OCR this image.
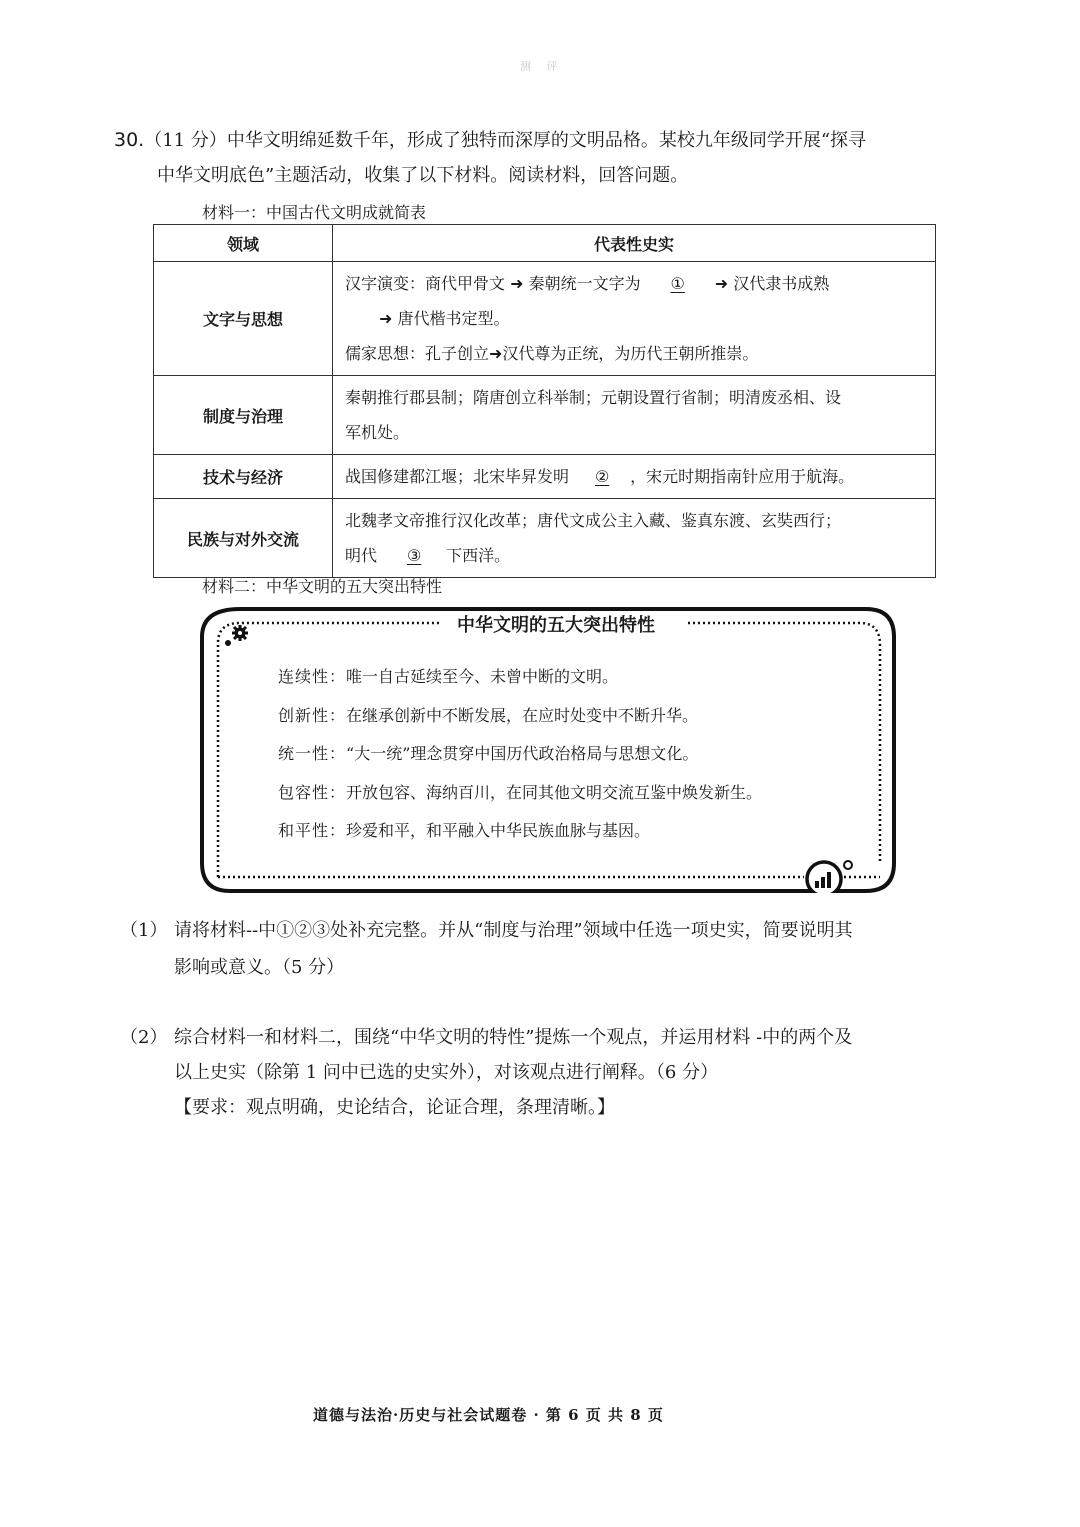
测 评
30.（11 分）中华文明绵延数千年，形成了独特而深厚的文明品格。某校九年级同学开展“探寻
中华文明底色”主题活动，收集了以下材料。阅读材料，回答问题。
材料一：中国古代文明成就简表
领域	代表性史实
文字与思想	汉字演变：商代甲骨文 ➜ 秦朝统一文字为 ① ➜ 汉代隶书成熟
➜ 唐代楷书定型。
儒家思想：孔子创立➜汉代尊为正统，为历代王朝所推崇。

制度与治理	秦朝推行郡县制；隋唐创立科举制；元朝设置行省制；明清废丞相、设
军机处。

技术与经济	战国修建都江堰；北宋毕昇发明 ② ，宋元时期指南针应用于航海。

民族与对外交流	北魏孝文帝推行汉化改革；唐代文成公主入藏、鉴真东渡、玄奘西行；
明代 ③ 下西洋。
材料二：中华文明的五大突出特性
中华文明的五大突出特性
连续性：唯一自古延续至今、未曾中断的文明。
创新性：在继承创新中不断发展，在应时处变中不断升华。
统一性：“大一统”理念贯穿中国历代政治格局与思想文化。
包容性：开放包容、海纳百川，在同其他文明交流互鉴中焕发新生。
和平性：珍爱和平，和平融入中华民族血脉与基因。
（1） 请将材料--中①②③处补充完整。并从“制度与治理”领域中任选一项史实，简要说明其
影响或意义。（5 分）
（2） 综合材料一和材料二，围绕“中华文明的特性”提炼一个观点，并运用材料 -中的两个及
以上史实（除第 1 问中已选的史实外），对该观点进行阐释。（6 分）
【要求：观点明确，史论结合，论证合理，条理清晰。】
道德与法治·历史与社会试题卷 · 第 6 页 共 8 页
